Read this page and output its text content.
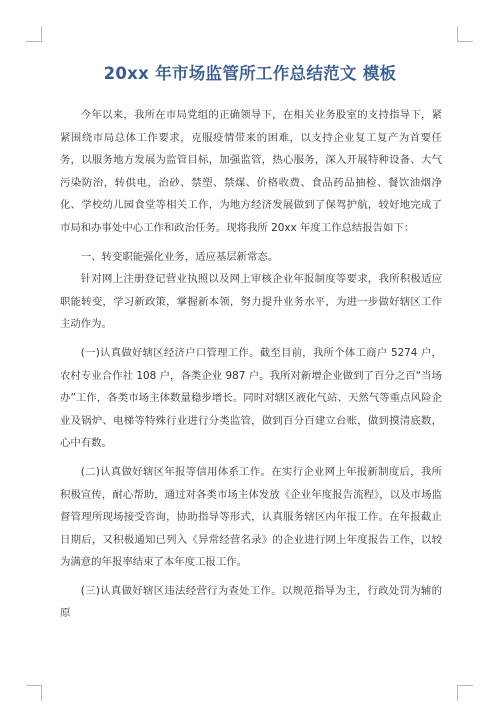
20xx 年市场监管所工作总结范文 模板

今年以来，我所在市局党组的正确领导下，在相关业务股室的支持指导下，紧紧围绕市局总体工作要求，克服疫情带来的困难，以支持企业复工复产为首要任务，以服务地方发展为监管目标，加强监管，热心服务，深入开展特种设备、大气污染防治，转供电，治砂、禁塑、禁煤、价格收费、食品药品抽检、餐饮油烟净化、学校幼儿园食堂等相关工作，为地方经济发展做到了保驾护航，较好地完成了市局和办事处中心工作和政治任务。现将我所 20xx 年度工作总结报告如下：

一、转变职能强化业务，适应基层新常态。

针对网上注册登记营业执照以及网上审核企业年报制度等要求，我所积极适应职能转变，学习新政策，掌握新本领，努力提升业务水平，为进一步做好辖区工作主动作为。

(一)认真做好辖区经济户口管理工作。截至目前，我所个体工商户 5274 户，农村专业合作社 108 户，各类企业 987 户。我所对新增企业做到了百分之百“当场办”工作，各类市场主体数量稳步增长。同时对辖区液化气站、天然气等重点风险企业及锅炉、电梯等特殊行业进行分类监管，做到百分百建立台账，做到摸清底数，心中有数。

(二)认真做好辖区年报等信用体系工作。在实行企业网上年报新制度后，我所积极宣传，耐心帮助，通过对各类市场主体发放《企业年度报告流程》，以及市场监督管理所现场接受咨询，协助指导等形式，认真服务辖区内年报工作。在年报截止日期后，又积极通知已列入《异常经营名录》的企业进行网上年度报告工作，以较为满意的年报率结束了本年度工报工作。

(三)认真做好辖区违法经营行为查处工作。以规范指导为主，行政处罚为辅的原
